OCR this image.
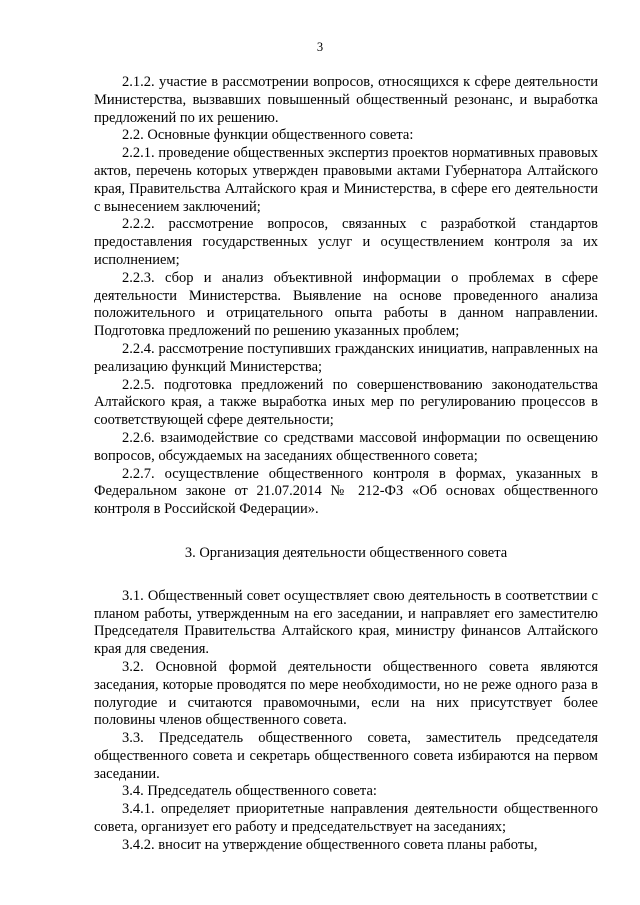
3

2.1.2. участие в рассмотрении вопросов, относящихся к сфере деятельности Министерства, вызвавших повышенный общественный резонанс, и выработка предложений по их решению.

2.2. Основные функции общественного совета:

2.2.1. проведение общественных экспертиз проектов нормативных правовых актов, перечень которых утвержден правовыми актами Губернатора Алтайского края, Правительства Алтайского края и Министерства, в сфере его деятельности с вынесением заключений;

2.2.2. рассмотрение вопросов, связанных с разработкой стандартов предоставления государственных услуг и осуществлением контроля за их исполнением;

2.2.3. сбор и анализ объективной информации о проблемах в сфере деятельности Министерства. Выявление на основе проведенного анализа положительного и отрицательного опыта работы в данном направлении. Подготовка предложений по решению указанных проблем;

2.2.4. рассмотрение поступивших гражданских инициатив, направленных на реализацию функций Министерства;

2.2.5. подготовка предложений по совершенствованию законодательства Алтайского края, а также выработка иных мер по регулированию процессов в соответствующей сфере деятельности;

2.2.6. взаимодействие со средствами массовой информации по освещению вопросов, обсуждаемых на заседаниях общественного совета;

2.2.7. осуществление общественного контроля в формах, указанных в Федеральном законе от 21.07.2014 № 212-ФЗ «Об основах общественного контроля в Российской Федерации».

3. Организация деятельности общественного совета

3.1. Общественный совет осуществляет свою деятельность в соответствии с планом работы, утвержденным на его заседании, и направляет его заместителю Председателя Правительства Алтайского края, министру финансов Алтайского края для сведения.

3.2. Основной формой деятельности общественного совета являются заседания, которые проводятся по мере необходимости, но не реже одного раза в полугодие и считаются правомочными, если на них присутствует более половины членов общественного совета.

3.3. Председатель общественного совета, заместитель председателя общественного совета и секретарь общественного совета избираются на первом заседании.

3.4. Председатель общественного совета:

3.4.1. определяет приоритетные направления деятельности общественного совета, организует его работу и председательствует на заседаниях;

3.4.2. вносит на утверждение общественного совета планы работы,
